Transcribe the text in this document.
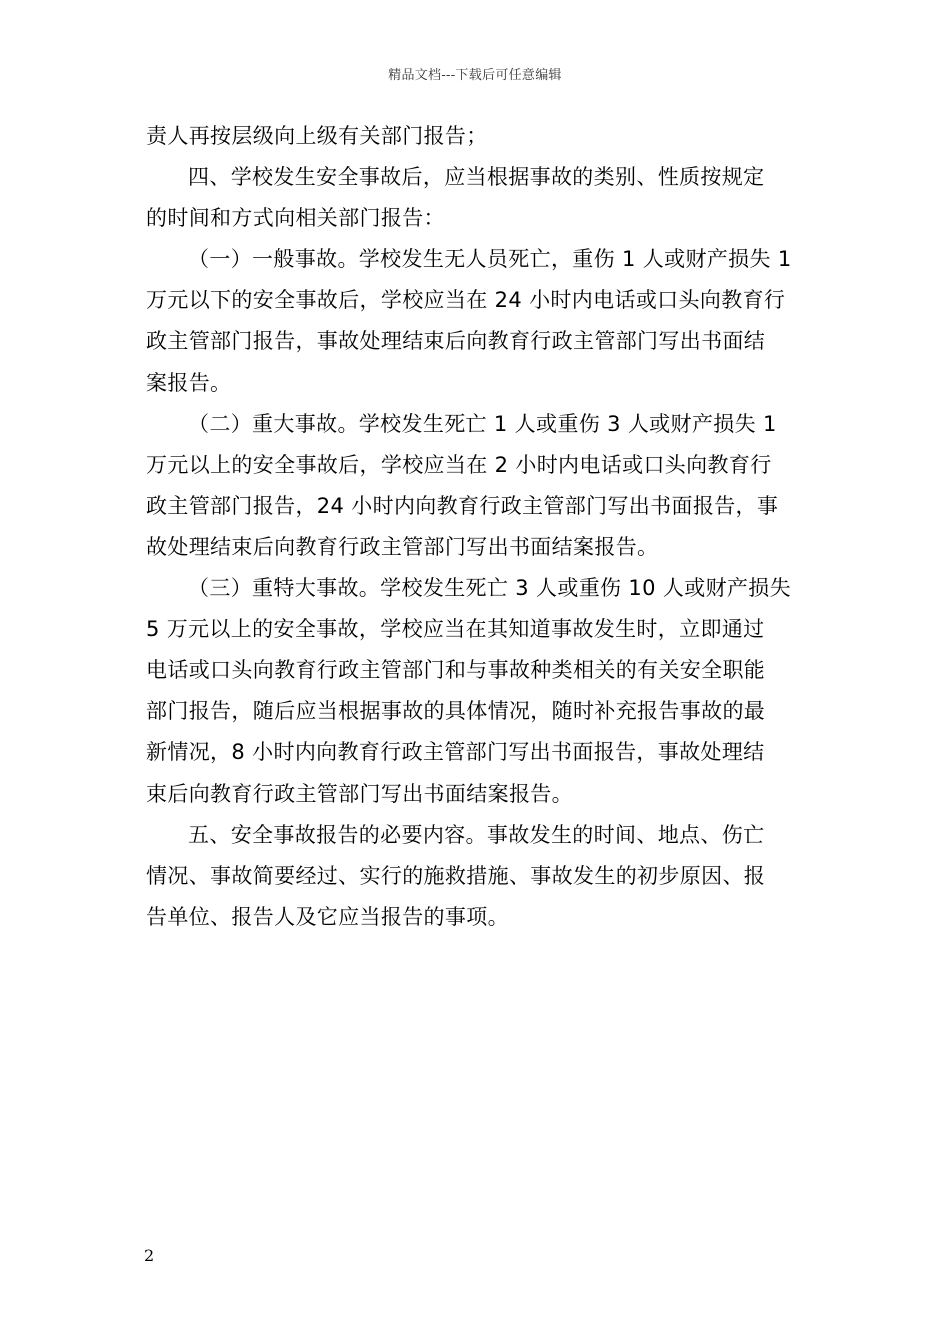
精品文档---下载后可任意编辑
责人再按层级向上级有关部门报告；
四、学校发生安全事故后，应当根据事故的类别、性质按规定
的时间和方式向相关部门报告：
（一）一般事故。学校发生无人员死亡，重伤 1 人或财产损失 1
万元以下的安全事故后，学校应当在 24 小时内电话或口头向教育行
政主管部门报告，事故处理结束后向教育行政主管部门写出书面结
案报告。
（二）重大事故。学校发生死亡 1 人或重伤 3 人或财产损失 1
万元以上的安全事故后，学校应当在 2 小时内电话或口头向教育行
政主管部门报告，24 小时内向教育行政主管部门写出书面报告，事
故处理结束后向教育行政主管部门写出书面结案报告。
（三）重特大事故。学校发生死亡 3 人或重伤 10 人或财产损失
5 万元以上的安全事故，学校应当在其知道事故发生时，立即通过
电话或口头向教育行政主管部门和与事故种类相关的有关安全职能
部门报告，随后应当根据事故的具体情况，随时补充报告事故的最
新情况，8 小时内向教育行政主管部门写出书面报告，事故处理结
束后向教育行政主管部门写出书面结案报告。
五、安全事故报告的必要内容。事故发生的时间、地点、伤亡
情况、事故简要经过、实行的施救措施、事故发生的初步原因、报
告单位、报告人及它应当报告的事项。
2
